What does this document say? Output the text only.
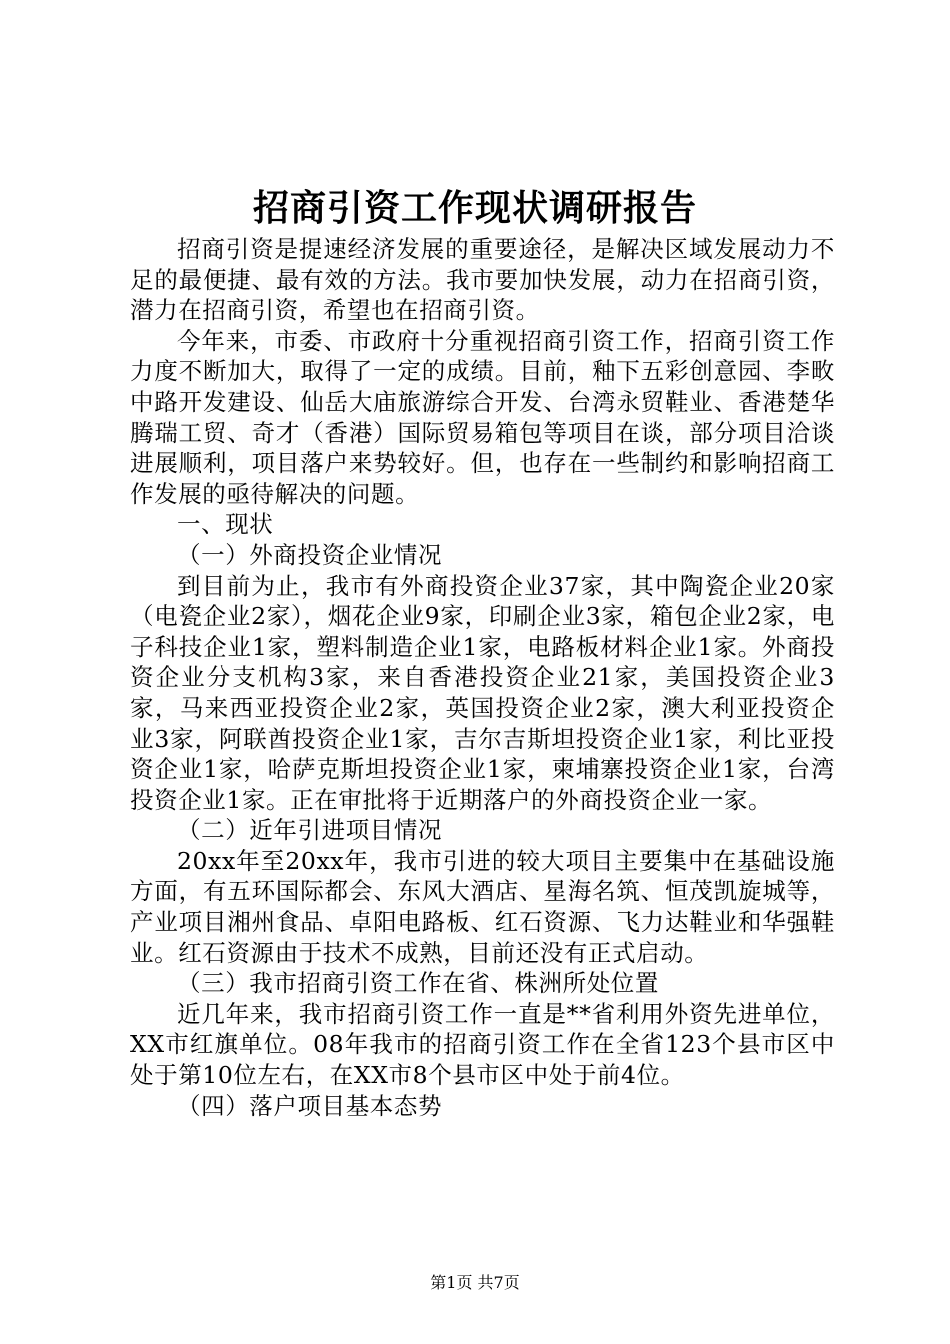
招商引资工作现状调研报告

招商引资是提速经济发展的重要途径，是解决区域发展动力不足的最便捷、最有效的方法。我市要加快发展，动力在招商引资，潜力在招商引资，希望也在招商引资。

今年来，市委、市政府十分重视招商引资工作，招商引资工作力度不断加大，取得了一定的成绩。目前，釉下五彩创意园、李畋中路开发建设、仙岳大庙旅游综合开发、台湾永贸鞋业、香港楚华腾瑞工贸、奇才（香港）国际贸易箱包等项目在谈，部分项目洽谈进展顺利，项目落户来势较好。但，也存在一些制约和影响招商工作发展的亟待解决的问题。

一、现状

（一）外商投资企业情况

到目前为止，我市有外商投资企业37家，其中陶瓷企业20家（电瓷企业2家），烟花企业9家，印刷企业3家，箱包企业2家，电子科技企业1家，塑料制造企业1家，电路板材料企业1家。外商投资企业分支机构3家，来自香港投资企业21家，美国投资企业3家，马来西亚投资企业2家，英国投资企业2家，澳大利亚投资企业3家，阿联酋投资企业1家，吉尔吉斯坦投资企业1家，利比亚投资企业1家，哈萨克斯坦投资企业1家，柬埔寨投资企业1家，台湾投资企业1家。正在审批将于近期落户的外商投资企业一家。

（二）近年引进项目情况

20xx年至20xx年，我市引进的较大项目主要集中在基础设施方面，有五环国际都会、东风大酒店、星海名筑、恒茂凯旋城等，产业项目湘州食品、卓阳电路板、红石资源、飞力达鞋业和华强鞋业。红石资源由于技术不成熟，目前还没有正式启动。

（三）我市招商引资工作在省、株洲所处位置

近几年来，我市招商引资工作一直是**省利用外资先进单位，XX市红旗单位。08年我市的招商引资工作在全省123个县市区中处于第10位左右，在XX市8个县市区中处于前4位。

（四）落户项目基本态势

第1页 共7页
